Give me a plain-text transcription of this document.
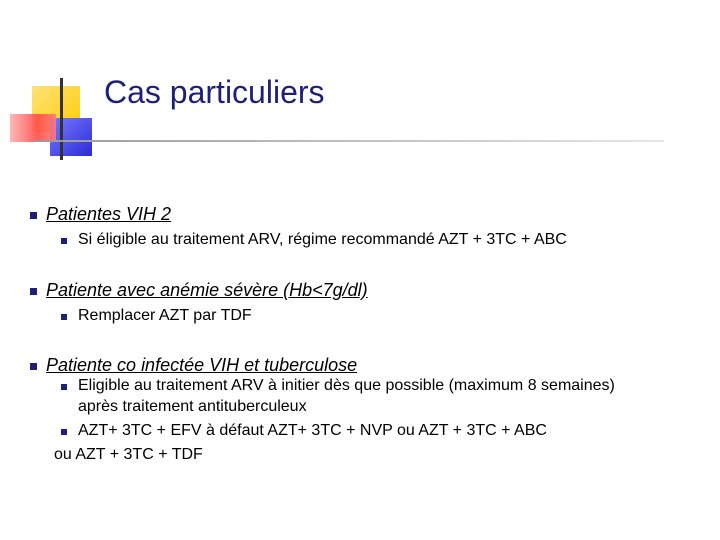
Cas particuliers
Patientes VIH 2
Si éligible au traitement ARV, régime recommandé AZT + 3TC + ABC
Patiente avec anémie sévère (Hb<7g/dl)
Remplacer AZT par TDF
Patiente co infectée VIH et tuberculose
Eligible au traitement ARV à initier dès que possible (maximum 8 semaines)
après traitement antituberculeux
AZT+ 3TC + EFV à défaut AZT+ 3TC + NVP ou AZT + 3TC + ABC
ou AZT + 3TC + TDF
